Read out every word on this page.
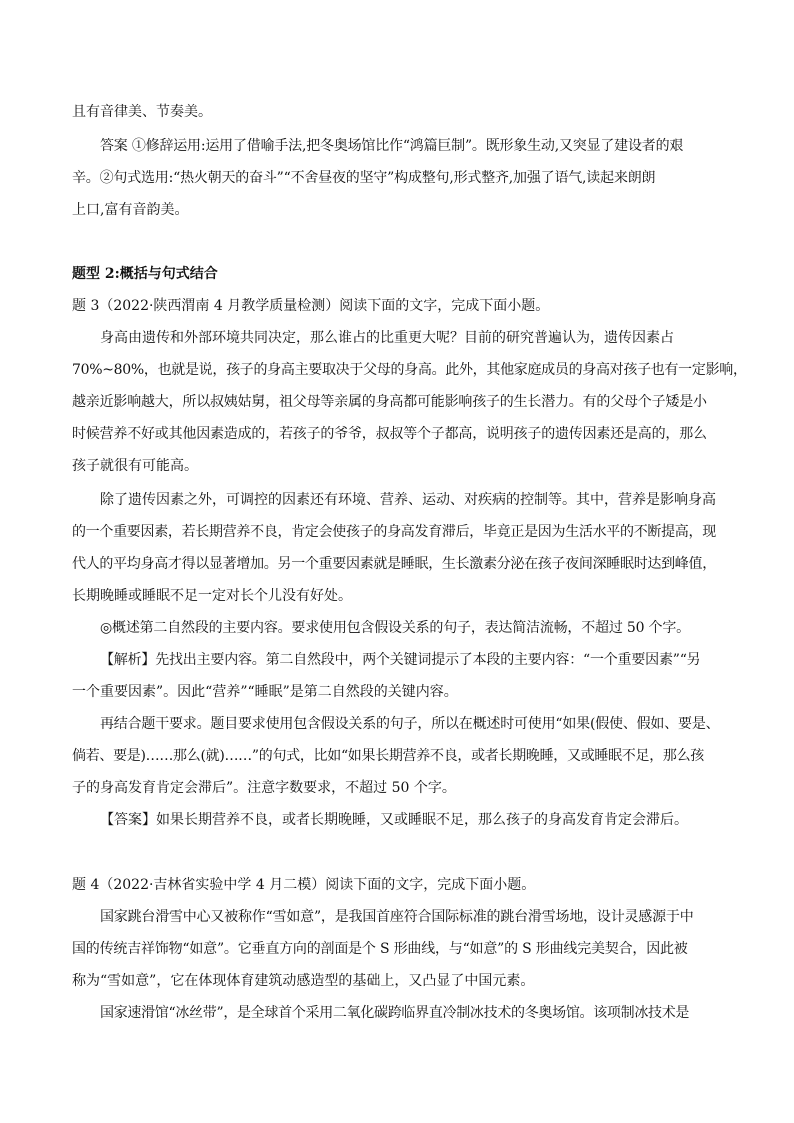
且有音律美、节奏美。
答案 ①修辞运用:运用了借喻手法,把冬奥场馆比作“鸿篇巨制”。既形象生动,又突显了建设者的艰
辛。②句式选用:“热火朝天的奋斗”“不舍昼夜的坚守”构成整句,形式整齐,加强了语气,读起来朗朗
上口,富有音韵美。
题型 2:概括与句式结合
题 3（2022·陕西渭南 4 月教学质量检测）阅读下面的文字，完成下面小题。
身高由遗传和外部环境共同决定，那么谁占的比重更大呢？目前的研究普遍认为，遗传因素占
70%~80%，也就是说，孩子的身高主要取决于父母的身高。此外，其他家庭成员的身高对孩子也有一定影响，
越亲近影响越大，所以叔姨姑舅，祖父母等亲属的身高都可能影响孩子的生长潜力。有的父母个子矮是小
时候营养不好或其他因素造成的，若孩子的爷爷，叔叔等个子都高，说明孩子的遗传因素还是高的，那么
孩子就很有可能高。
除了遗传因素之外，可调控的因素还有环境、营养、运动、对疾病的控制等。其中，营养是影响身高
的一个重要因素，若长期营养不良，肯定会使孩子的身高发育滞后，毕竟正是因为生活水平的不断提高，现
代人的平均身高才得以显著增加。另一个重要因素就是睡眠，生长激素分泌在孩子夜间深睡眠时达到峰值，
长期晚睡或睡眠不足一定对长个儿没有好处。
◎概述第二自然段的主要内容。要求使用包含假设关系的句子，表达简洁流畅，不超过 50 个字。
【解析】先找出主要内容。第二自然段中，两个关键词提示了本段的主要内容：“一个重要因素”“另
一个重要因素”。因此“营养”“睡眠”是第二自然段的关键内容。
再结合题干要求。题目要求使用包含假设关系的句子，所以在概述时可使用“如果(假使、假如、要是、
倘若、要是)……那么(就)……”的句式，比如“如果长期营养不良，或者长期晚睡，又或睡眠不足，那么孩
子的身高发育肯定会滞后”。注意字数要求，不超过 50 个字。
【答案】如果长期营养不良，或者长期晚睡，又或睡眠不足，那么孩子的身高发育肯定会滞后。
题 4（2022·吉林省实验中学 4 月二模）阅读下面的文字，完成下面小题。
国家跳台滑雪中心又被称作“雪如意”，是我国首座符合国际标准的跳台滑雪场地，设计灵感源于中
国的传统吉祥饰物“如意”。它垂直方向的剖面是个 S 形曲线，与“如意”的 S 形曲线完美契合，因此被
称为“雪如意”，它在体现体育建筑动感造型的基础上，又凸显了中国元素。
国家速滑馆“冰丝带”，是全球首个采用二氧化碳跨临界直冷制冰技术的冬奥场馆。该项制冰技术是
